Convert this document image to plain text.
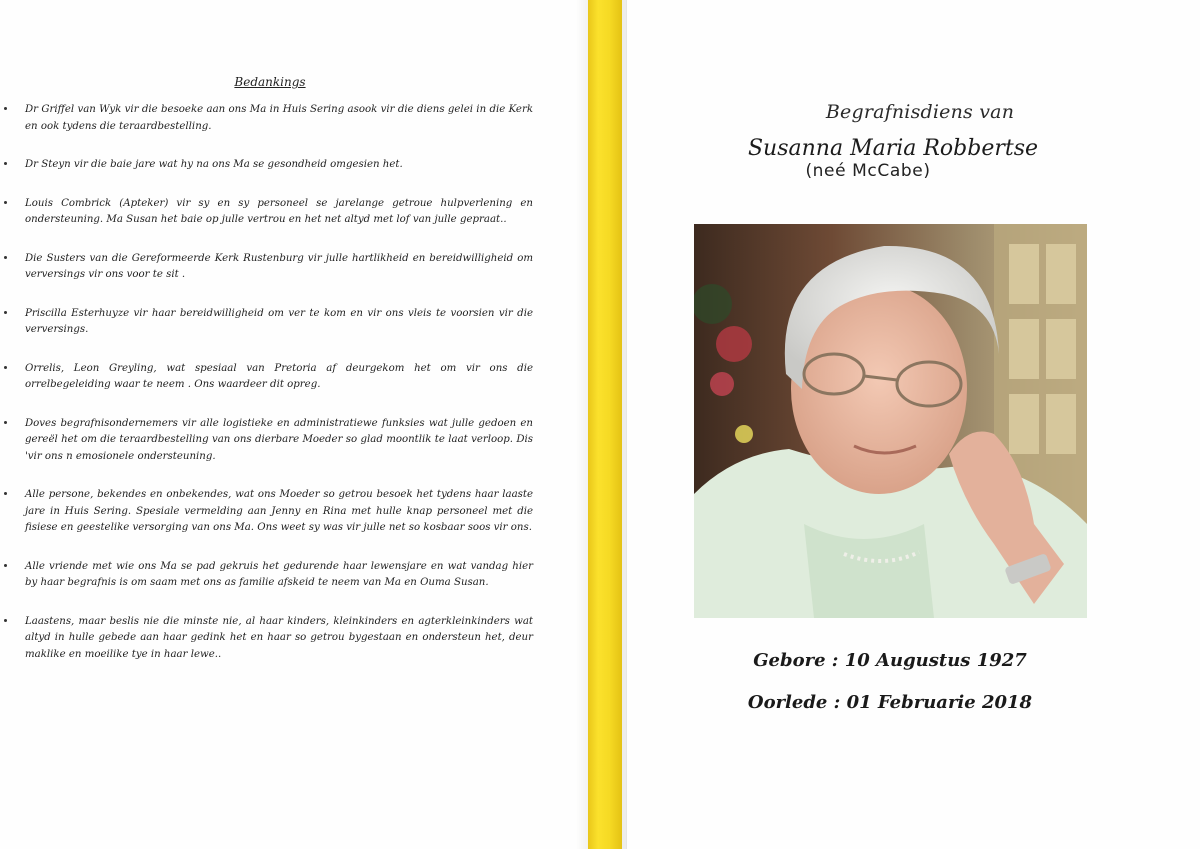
Bedankings
Dr Griffel van Wyk vir die besoeke aan ons Ma in Huis Sering asook vir die diens gelei in die Kerk en ook tydens die teraardbestelling.
Dr Steyn vir die baie jare wat hy na ons Ma se gesondheid omgesien het.
Louis Combrick (Apteker) vir sy en sy personeel se jarelange getroue hulpverlening en ondersteuning. Ma Susan het baie op julle vertrou en het net altyd met lof van julle gepraat..
Die Susters van die Gereformeerde Kerk Rustenburg vir julle hartlikheid en bereidwilligheid om verversings vir ons voor te sit .
Priscilla Esterhuyze vir haar bereidwilligheid om ver te kom en vir ons vleis te voorsien vir die verversings.
Orrelis, Leon Greyling, wat spesiaal van Pretoria af deurgekom het om vir ons die orrelbegeleiding waar te neem . Ons waardeer dit opreg.
Doves begrafnisondernemers vir alle logistieke en administratiewe funksies wat julle gedoen en gereël het om die teraardbestelling van ons dierbare Moeder so glad moontlik te laat verloop. Dis 'vir ons n emosionele ondersteuning.
Alle persone, bekendes en onbekendes, wat ons Moeder so getrou besoek het tydens haar laaste jare in Huis Sering. Spesiale vermelding aan Jenny en Rina met hulle knap personeel met die fisiese en geestelike versorging van ons Ma. Ons weet sy was vir julle net so kosbaar soos vir ons.
Alle vriende met wie ons Ma se pad gekruis het gedurende haar lewensjare en wat vandag hier by haar begrafnis is om saam met ons as familie afskeid te neem van Ma en Ouma Susan.
Laastens, maar beslis nie die minste nie, al haar kinders, kleinkinders en agterkleinkinders wat altyd in hulle gebede aan haar gedink het en haar so getrou bygestaan en ondersteun het, deur maklike en moeilike tye in haar lewe..
Begrafnisdiens van
Susanna Maria Robbertse
(neé McCabe)
Gebore : 10 Augustus 1927
Oorlede : 01 Februarie 2018
